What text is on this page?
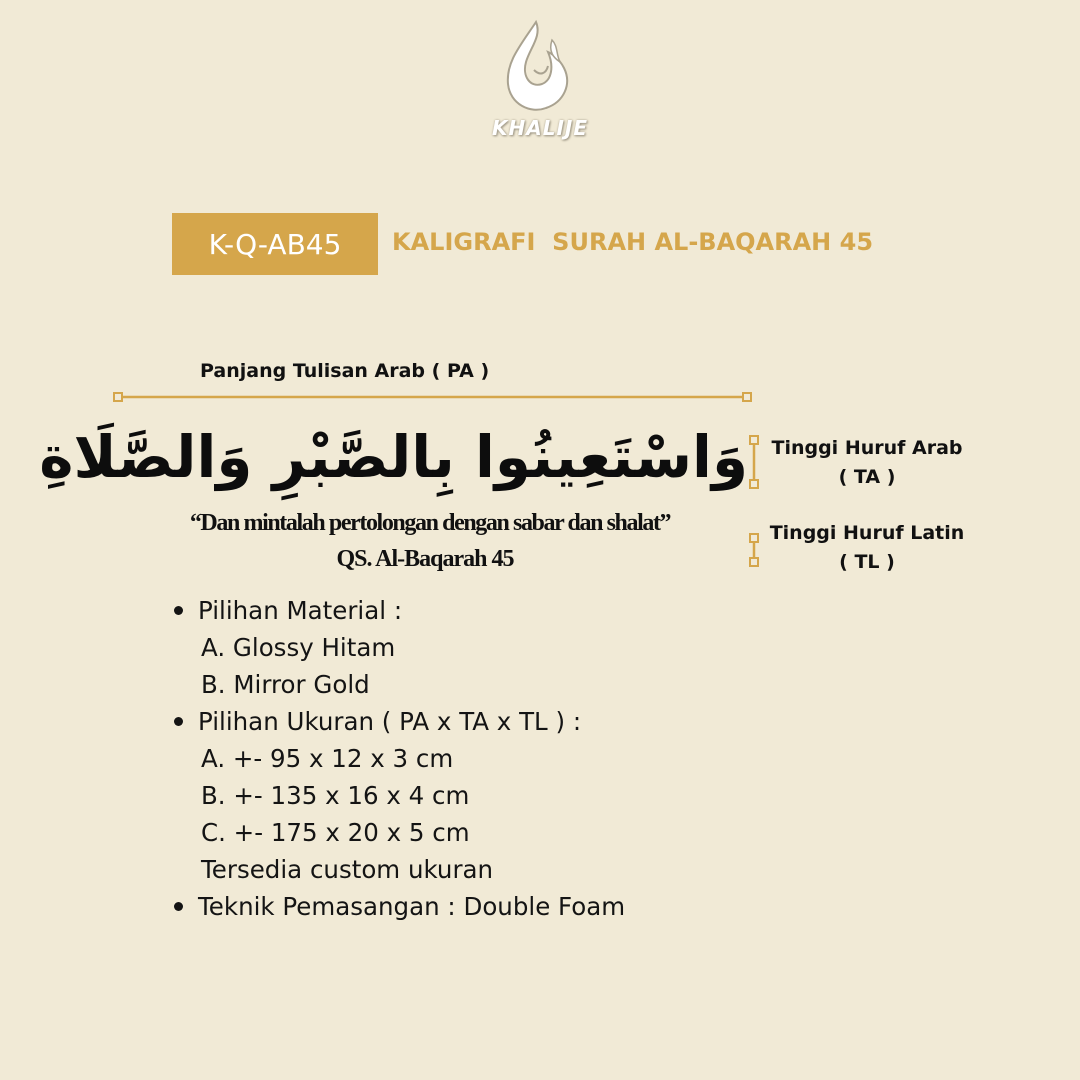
KHALIJE
K-Q-AB45	KALIGRAFI  SURAH AL-BAQARAH 45
Panjang Tulisan Arab ( PA )
Tinggi Huruf Arab
( TA )
Tinggi Huruf Latin
( TL )
وَاسْتَعِينُوا بِالصَّبْرِ وَالصَّلَاةِ
“Dan mintalah pertolongan dengan sabar dan shalat”
QS. Al-Baqarah 45
Pilihan Material :
A. Glossy Hitam
B. Mirror Gold
Pilihan Ukuran ( PA x TA x TL ) :
A. +- 95 x 12 x 3 cm
B. +- 135 x 16 x 4 cm
C. +- 175 x 20 x 5 cm
Tersedia custom ukuran
Teknik Pemasangan : Double Foam
